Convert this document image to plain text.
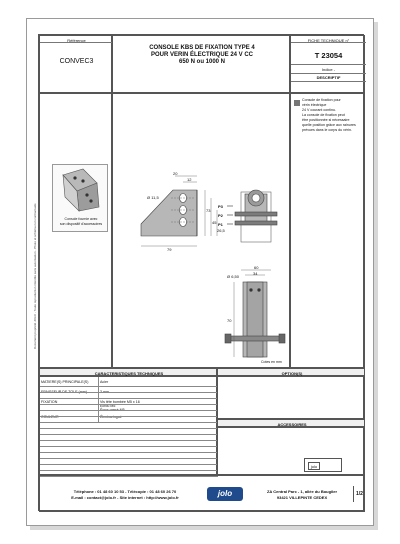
Document propriété JOLO - Toute reproduction interdite sans autorisation - Photo et schéma non contractuels
Référence
CONVEC3
CONSOLE KBS DE FIXATION TYPE 4
POUR VERIN ÉLECTRIQUE 24 V CC
650 N ou 1000 N
FICHE TECHNIQUE n°
T 23054
Indice -
DESCRIPTIF
Console fournie avec
son dispositif d'accessoires
20
12
Ø 11,5
79
73
45
26,5
P3
P2
P1
60
34
Ø 6,50
70
Cotes en mm
Console de fixation pour
vérin électrique
24 V courant continu.
La console de fixation peut
être positionnée si nécessaire
quelle position grâce aux rainures
prévues dans le corps du vérin.
CARACTERISTIQUES TECHNIQUES	OPTION(S)
MATIERE(S) PRINCIPALE(S)	Acier
EPAISSEUR DE TOLE (mm)	3 mm
FIXATION	Vis tête bombée M5 x 16
Ecrou M5
Écrou serré M5
COULEUR	Électrozingué
ACCESSOIRES
jolo
Téléphone : 01 48 60 10 53 - Télécopie : 01 48 60 26 70
E-mail : contact@jolo.fr - Site internet : http://www.jolo.fr	jolo	ZA Central Parc - 1, allée du Bougiler
93421 VILLEPINTE CEDEX
1/2
